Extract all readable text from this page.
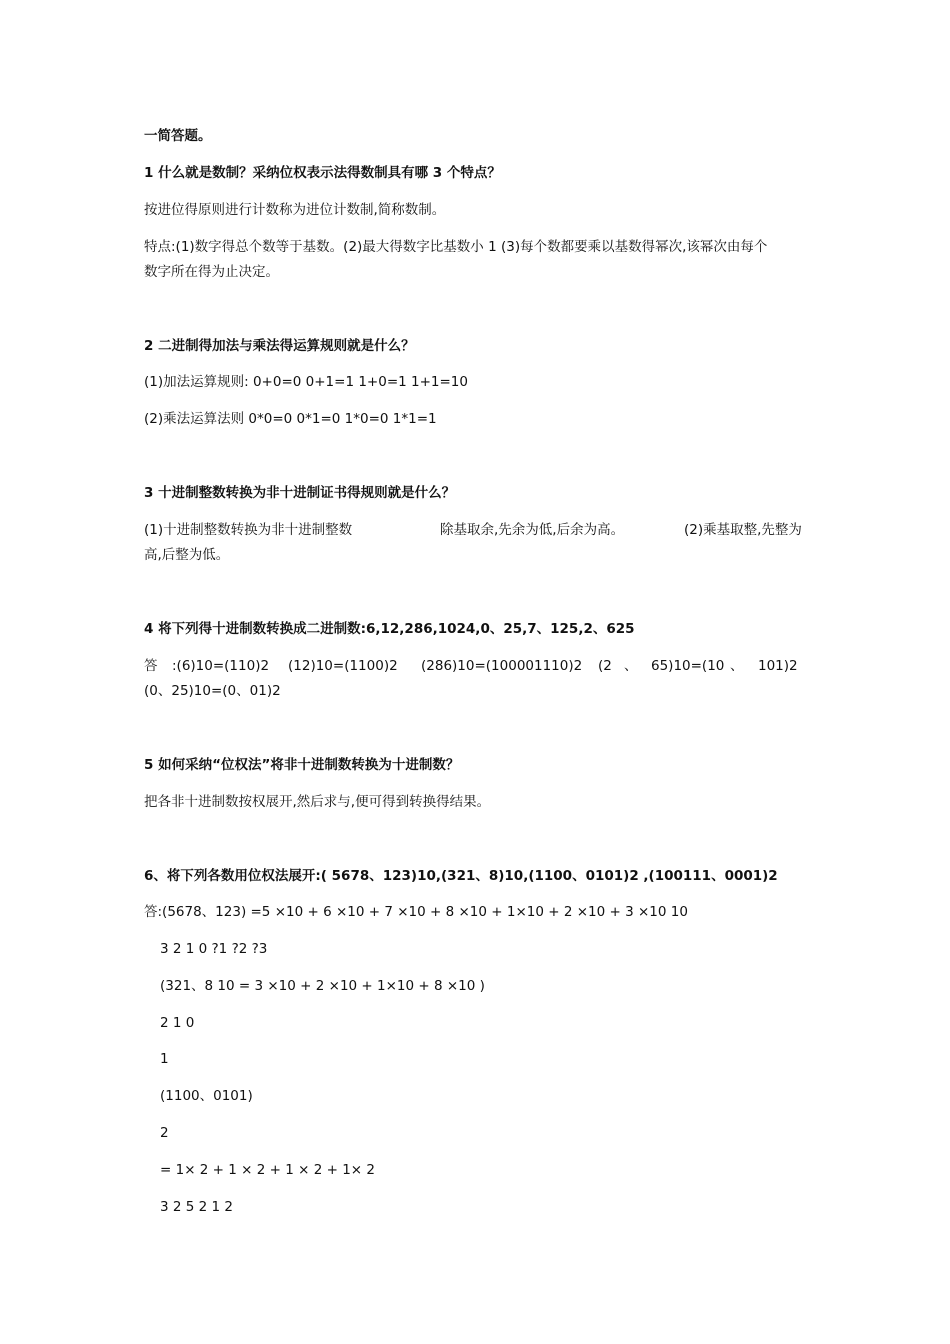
一简答题。
1 什么就是数制？采纳位权表示法得数制具有哪 3 个特点？
按进位得原则进行计数称为进位计数制,简称数制。
特点:(1)数字得总个数等于基数。(2)最大得数字比基数小 1 (3)每个数都要乘以基数得幂次,该幂次由每个
数字所在得为止决定。
2 二进制得加法与乘法得运算规则就是什么？
(1)加法运算规则: 0+0=0 0+1=1 1+0=1 1+1=10
(2)乘法运算法则 0*0=0 0*1=0 1*0=0 1*1=1
3 十进制整数转换为非十进制证书得规则就是什么？
(1)十进制整数转换为非十进制整数	除基取余,先余为低,后余为高。	(2)乘基取整,先整为
高,后整为低。
4 将下列得十进制数转换成二进制数:6,12,286,1024,0、25,7、125,2、625
答 :(6)10=(110)2 (12)10=(1100)2 (286)10=(100001110)2 (2 、 65)10=(10 、 101)2
(0、25)10=(0、01)2
5 如何采纳“位权法”将非十进制数转换为十进制数？
把各非十进制数按权展开,然后求与,便可得到转换得结果。
6、将下列各数用位权法展开:( 5678、123)10,(321、8)10,(1100、0101)2 ,(100111、0001)2
答:(5678、123) =5 ×10 + 6 ×10 + 7 ×10 + 8 ×10 + 1×10 + 2 ×10 + 3 ×10 10
3 2 1 0 ?1 ?2 ?3
(321、8 10 = 3 ×10 + 2 ×10 + 1×10 + 8 ×10 )
2 1 0
1
(1100、0101)
2
= 1× 2 + 1 × 2 + 1 × 2 + 1× 2
3 2 5 2 1 2
